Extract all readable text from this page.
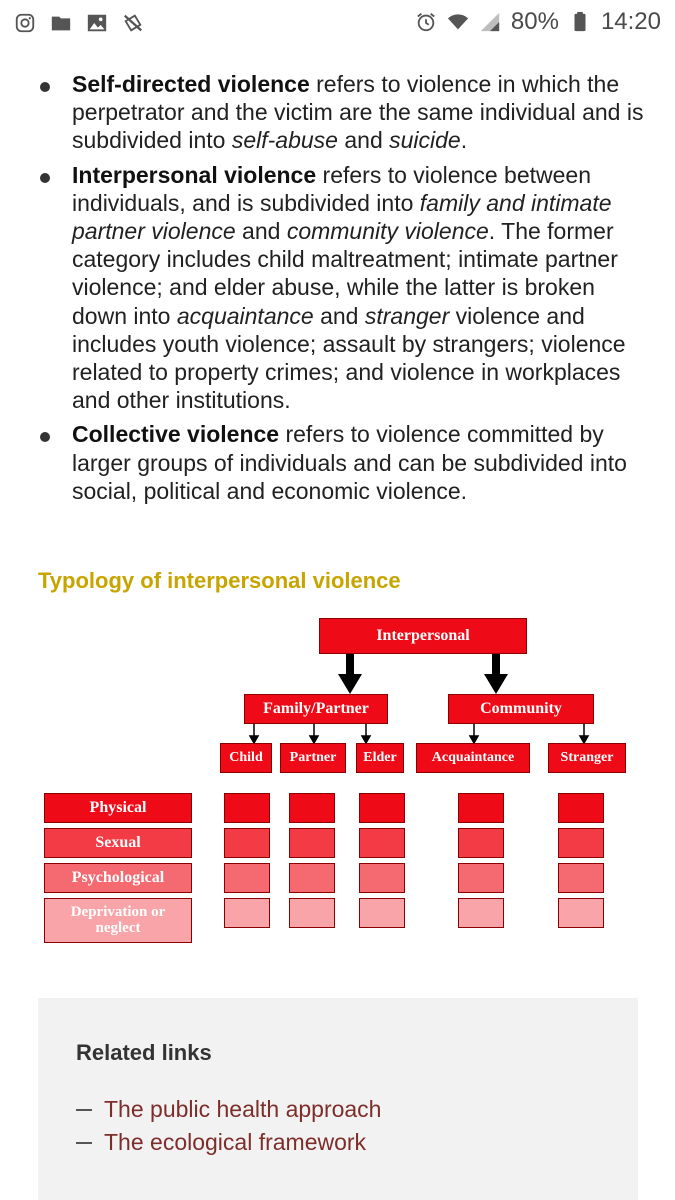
80% 14:20
Self-directed violence refers to violence in which the perpetrator and the victim are the same individual and is subdivided into self-abuse and suicide.
Interpersonal violence refers to violence between individuals, and is subdivided into family and intimate partner violence and community violence. The former category includes child maltreatment; intimate partner violence; and elder abuse, while the latter is broken down into acquaintance and stranger violence and includes youth violence; assault by strangers; violence related to property crimes; and violence in workplaces and other institutions.
Collective violence refers to violence committed by larger groups of individuals and can be subdivided into social, political and economic violence.
Typology of interpersonal violence
Interpersonal
Family/Partner	Community
Child	Partner	Elder	Acquaintance	Stranger
Physical
Sexual
Psychological
Deprivation or neglect
Related links
The public health approach
The ecological framework
